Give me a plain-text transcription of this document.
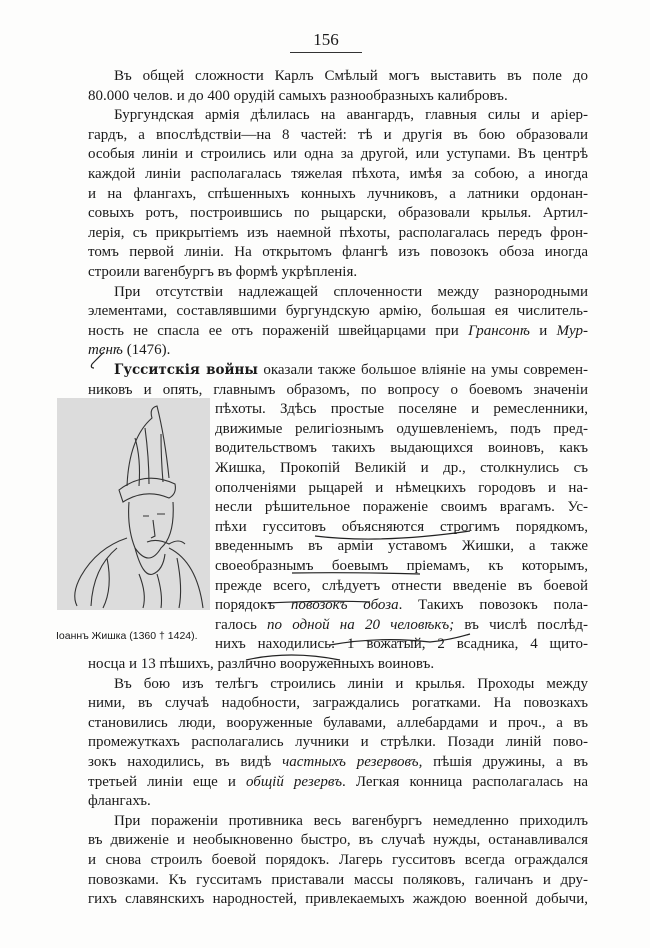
156
Въ общей сложности Карлъ Смѣлый могъ выставить въ поле до
80.000 челов. и до 400 орудій самыхъ разнообразныхъ калибровъ.
Бургундская армія дѣлилась на авангардъ, главныя силы и аріер-
гардъ, а впослѣдствіи—на 8 частей: тѣ и другія въ бою образовали
особыя линіи и строились или одна за другой, или уступами. Въ центрѣ
каждой линіи располагалась тяжелая пѣхота, имѣя за собою, а иногда
и на флангахъ, спѣшенныхъ конныхъ лучниковъ, а латники ордонан-
совыхъ ротъ, построившись по рыцарски, образовали крылья. Артил-
лерія, съ прикрытіемъ изъ наемной пѣхоты, располагалась передъ фрон-
томъ первой линіи. На открытомъ флангѣ изъ повозокъ обоза иногда
строили вагенбургъ въ формѣ укрѣпленія.
При отсутствіи надлежащей сплоченности между разнородными
элементами, составлявшими бургундскую армію, большая ея числитель-
ность не спасла ее отъ пораженій швейцарцами при Грансонѣ и Мур-
тенѣ (1476).
Гусситскія войны оказали также большое вліяніе на умы современ-
никовъ и опять, главнымъ образомъ, по вопросу о боевомъ значеніи
пѣхоты. Здѣсь простые поселяне и ремесленники,
движимые религіознымъ одушевленіемъ, подъ пред-
водительствомъ такихъ выдающихся воиновъ, какъ
Жишка, Прокопій Великій и др., столкнулись съ
ополченіями рыцарей и нѣмецкихъ городовъ и на-
несли рѣшительное пораженіе своимъ врагамъ. Ус-
пѣхи гусситовъ объясняются строгимъ порядкомъ,
введеннымъ въ арміи уставомъ Жишки, а также
своеобразнымъ боевымъ пріемамъ, къ которымъ,
прежде всего, слѣдуетъ отнести введеніе въ боевой
порядокъ повозокъ обоза. Такихъ повозокъ пола-
галось по одной на 20 человѣкъ; въ числѣ послѣд-
нихъ находились: 1 вожатый, 2 всадника, 4 щито-
носца и 13 пѣшихъ, различно вооруженныхъ воиновъ.
Въ бою изъ телѣгъ строились линіи и крылья. Проходы между
ними, въ случаѣ надобности, заграждались рогатками. На повозкахъ
становились люди, вооруженные булавами, аллебардами и проч., а въ
промежуткахъ располагались лучники и стрѣлки. Позади линій пово-
зокъ находились, въ видѣ частныхъ резервовъ, пѣшія дружины, а въ
третьей линіи еще и общій резервъ. Легкая конница располагалась на
флангахъ.
При пораженіи противника весь вагенбургъ немедленно приходилъ
въ движеніе и необыкновенно быстро, въ случаѣ нужды, останавливался
и снова строилъ боевой порядокъ. Лагерь гусситовъ всегда ограждался
повозками. Къ гусситамъ приставали массы поляковъ, галичанъ и дру-
гихъ славянскихъ народностей, привлекаемыхъ жаждою военной добычи,
Іоаннъ Жишка (1360 † 1424).
